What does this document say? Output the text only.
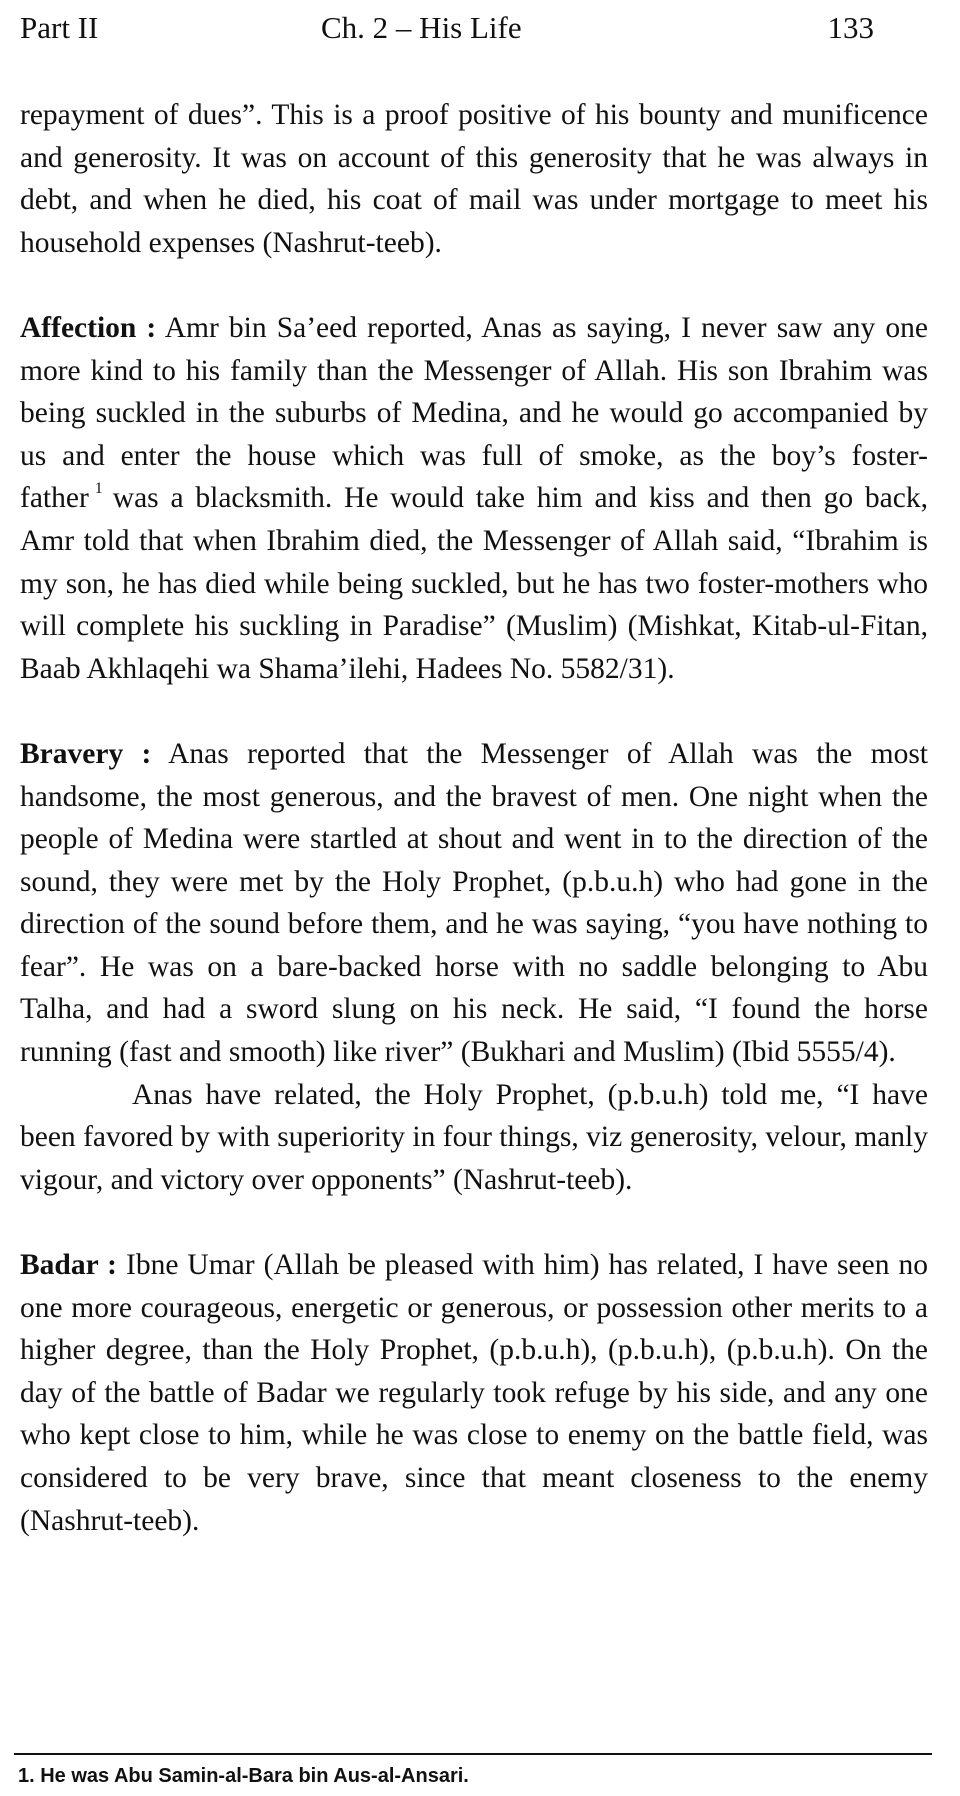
Part II	Ch. 2 – His Life	133

repayment of dues”. This is a proof positive of his bounty and munificence and generosity. It was on account of this generosity that he was always in debt, and when he died, his coat of mail was under mortgage to meet his household expenses (Nashrut-teeb).

Affection : Amr bin Sa’eed reported, Anas as saying, I never saw any one more kind to his family than the Messenger of Allah. His son Ibrahim was being suckled in the suburbs of Medina, and he would go accompanied by us and enter the house which was full of smoke, as the boy’s foster-father $^1$ was a blacksmith. He would take him and kiss and then go back, Amr told that when Ibrahim died, the Messenger of Allah said, “Ibrahim is my son, he has died while being suckled, but he has two foster-mothers who will complete his suckling in Paradise” (Muslim) (Mishkat, Kitab-ul-Fitan, Baab Akhlaqehi wa Shama’ilehi, Hadees No. 5582/31).

Bravery : Anas reported that the Messenger of Allah was the most handsome, the most generous, and the bravest of men. One night when the people of Medina were startled at shout and went in to the direction of the sound, they were met by the Holy Prophet, (p.b.u.h) who had gone in the direction of the sound before them, and he was saying, “you have nothing to fear”. He was on a bare-backed horse with no saddle belonging to Abu Talha, and had a sword slung on his neck. He said, “I found the horse running (fast and smooth) like river” (Bukhari and Muslim) (Ibid 5555/4).

Anas have related, the Holy Prophet, (p.b.u.h) told me, “I have been favored by with superiority in four things, viz generosity, velour, manly vigour, and victory over opponents” (Nashrut-teeb).

Badar : Ibne Umar (Allah be pleased with him) has related, I have seen no one more courageous, energetic or generous, or possession other merits to a higher degree, than the Holy Prophet, (p.b.u.h), (p.b.u.h), (p.b.u.h). On the day of the battle of Badar we regularly took refuge by his side, and any one who kept close to him, while he was close to enemy on the battle field, was considered to be very brave, since that meant closeness to the enemy (Nashrut-teeb).

1. He was Abu Samin-al-Bara bin Aus-al-Ansari.
